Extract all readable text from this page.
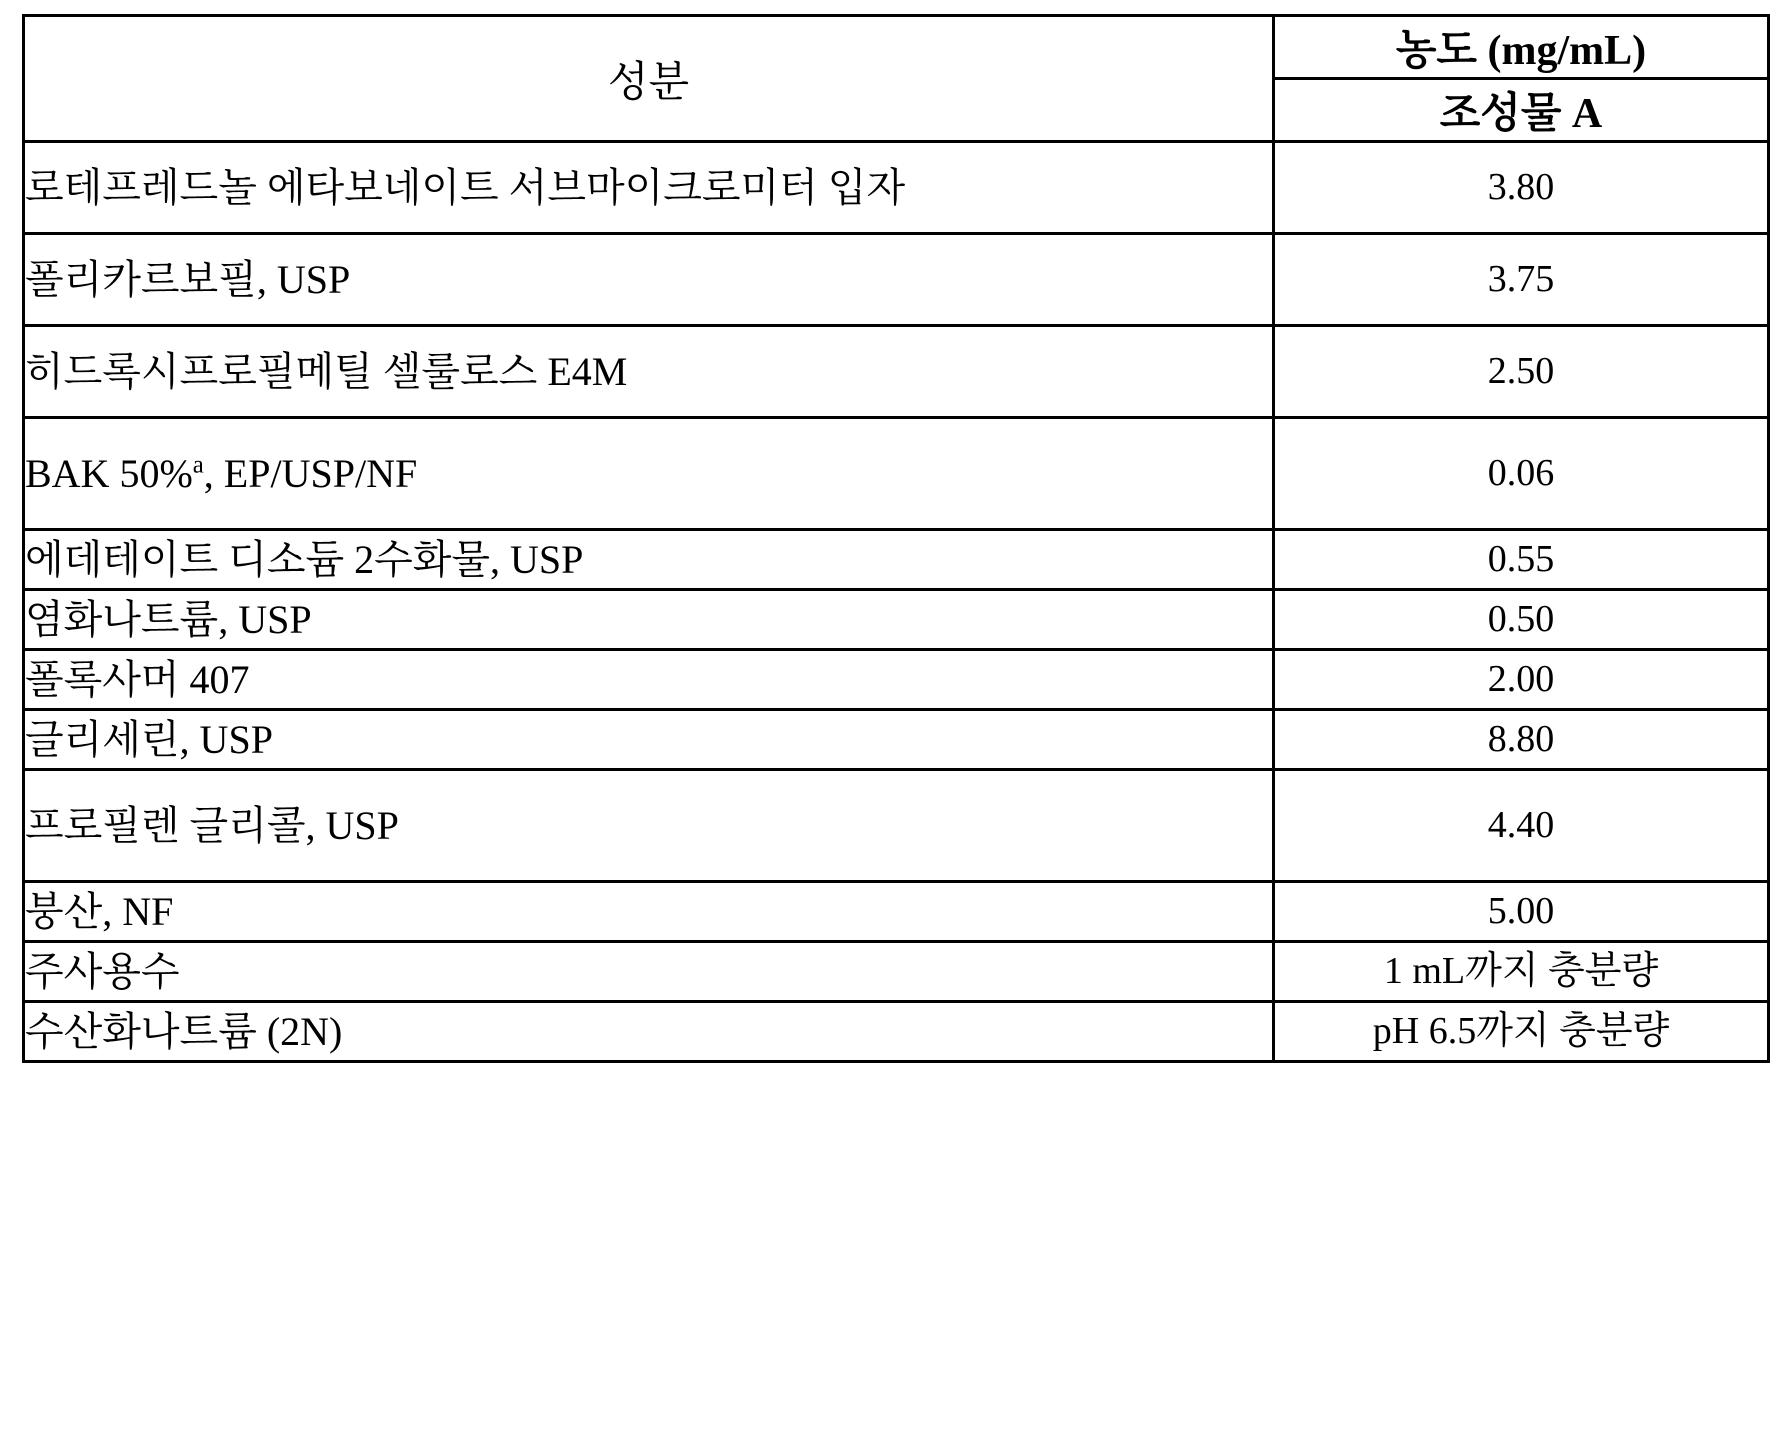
성분	농도 (mg/mL)
	조성물 A
로테프레드놀 에타보네이트 서브마이크로미터 입자	3.80
폴리카르보필, USP	3.75
히드록시프로필메틸 셀룰로스 E4M	2.50
BAK 50%$^a$, EP/USP/NF	0.06
에데테이트 디소듐 2수화물, USP	0.55
염화나트륨, USP	0.50
폴록사머 407	2.00
글리세린, USP	8.80
프로필렌 글리콜, USP	4.40
붕산, NF	5.00
주사용수	1 mL까지 충분량
수산화나트륨 (2N)	pH 6.5까지 충분량
